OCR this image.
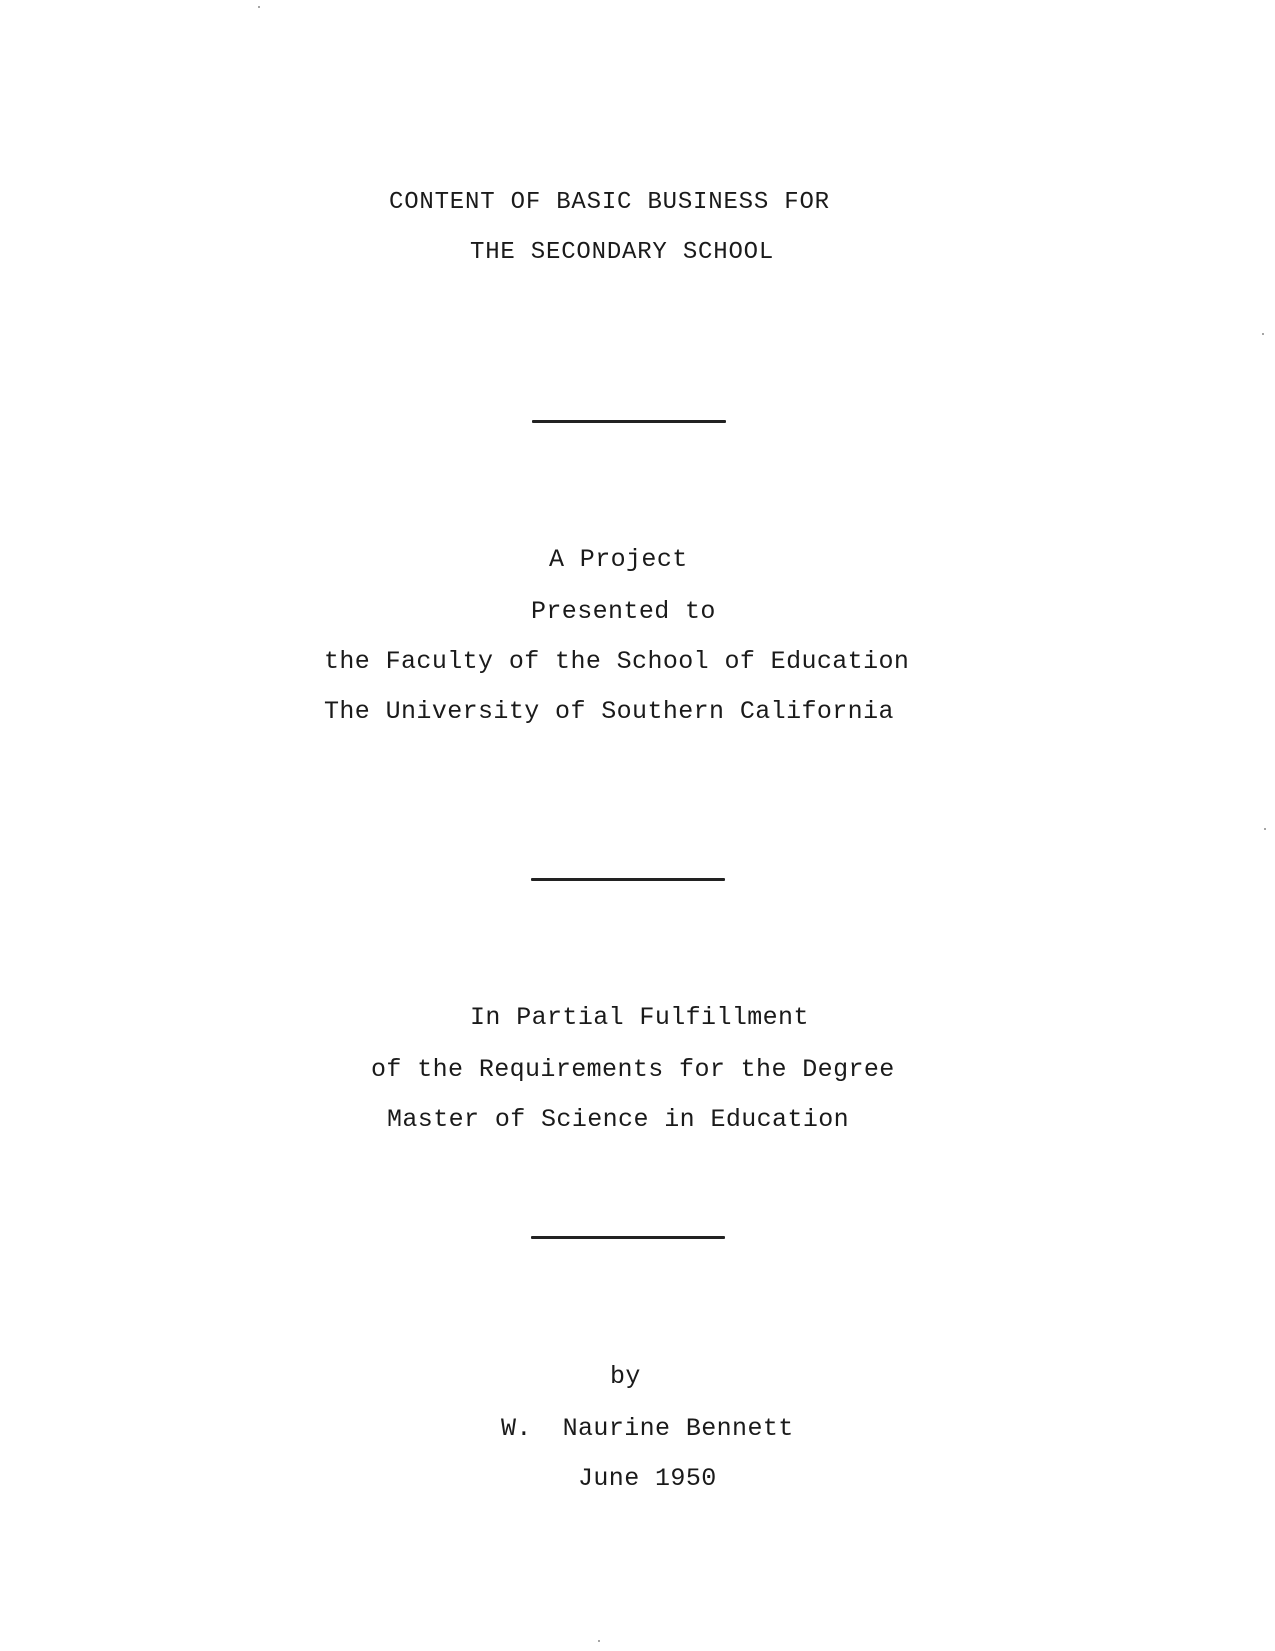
CONTENT OF BASIC BUSINESS FOR
THE SECONDARY SCHOOL
A Project
Presented to
the Faculty of the School of Education
The University of Southern California
In Partial Fulfillment
of the Requirements for the Degree
Master of Science in Education
by
W.  Naurine Bennett
June 1950
